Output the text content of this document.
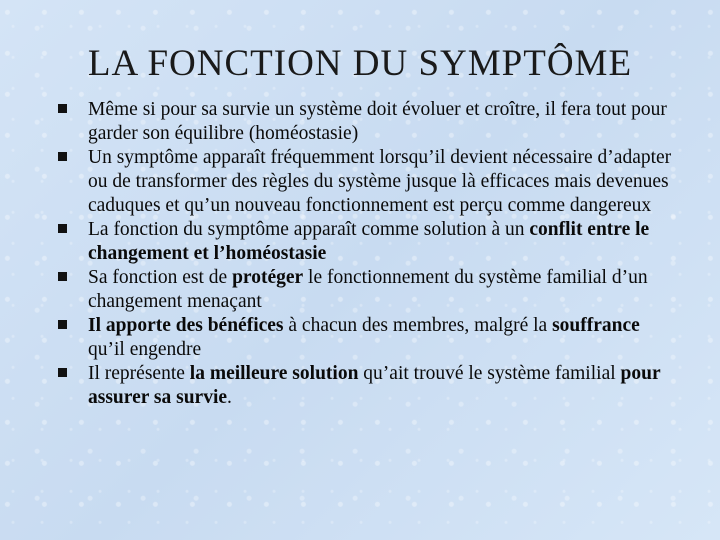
LA FONCTION DU SYMPTÔME
Même si pour sa survie un système doit évoluer et croître, il fera tout pour garder son équilibre (homéostasie)
Un symptôme apparaît fréquemment lorsqu’il devient nécessaire d’adapter ou de transformer des règles du système jusque là efficaces mais devenues caduques et qu’un nouveau fonctionnement est perçu comme dangereux
La fonction du symptôme apparaît comme solution à un conflit entre le changement et l’homéostasie
Sa fonction est de protéger le fonctionnement du système familial d’un changement menaçant
Il apporte des bénéfices à chacun des membres, malgré la souffrance qu’il engendre
Il représente la meilleure solution qu’ait trouvé le système familial pour assurer sa survie.
